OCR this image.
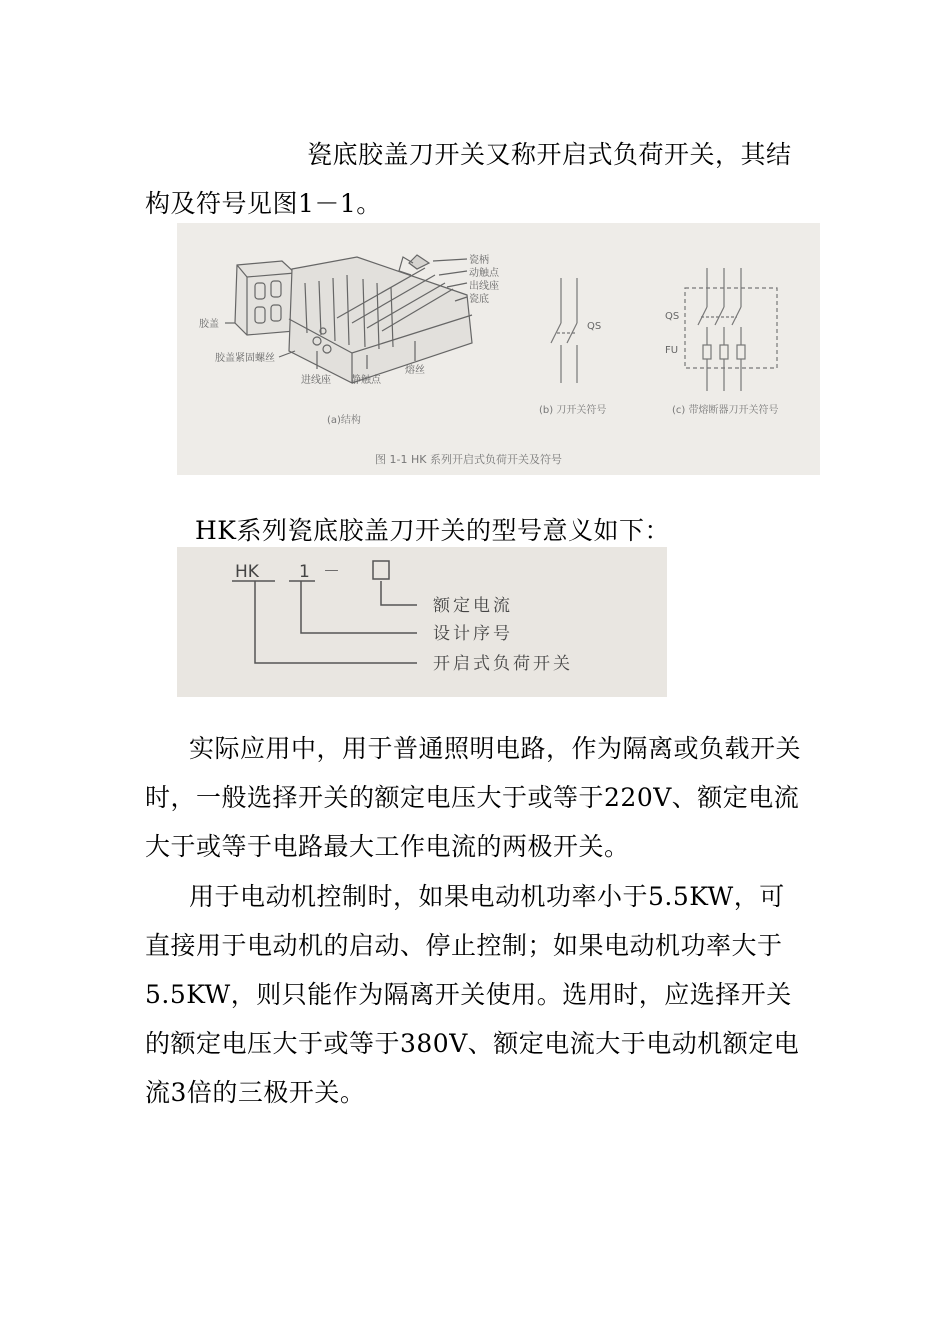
瓷底胶盖刀开关又称开启式负荷开关，其结构及符号见图1－1。

瓷柄
动触点
出线座
瓷底
胶盖
胶盖紧固螺丝
进线座 静触点
熔丝
(a)结构
QS
(b) 刀开关符号
QS
FU
(c) 带熔断器刀开关符号
图 1-1 HK 系列开启式负荷开关及符号

HK系列瓷底胶盖刀开关的型号意义如下：

HK 1 －
额定电流
设计序号
开启式负荷开关

实际应用中，用于普通照明电路，作为隔离或负载开关时，一般选择开关的额定电压大于或等于220V、额定电流大于或等于电路最大工作电流的两极开关。

用于电动机控制时，如果电动机功率小于5.5KW，可直接用于电动机的启动、停止控制；如果电动机功率大于5.5KW，则只能作为隔离开关使用。选用时，应选择开关的额定电压大于或等于380V、额定电流大于电动机额定电流3倍的三极开关。
